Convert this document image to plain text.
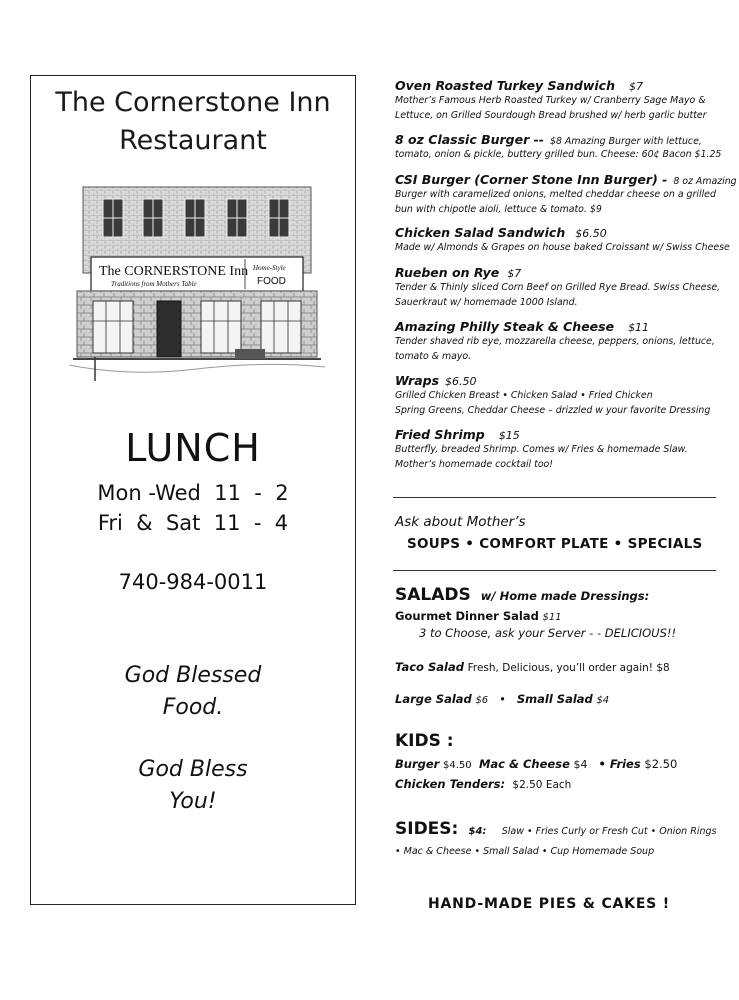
The Cornerstone Inn
Restaurant
The CORNERSTONE Inn
Traditions from Mothers Table
Home-Style
FOOD
LUNCH
Mon -Wed  11  -  2
Fri  &  Sat  11  -  4
740-984-0011
God Blessed
Food.
God Bless
You!
Oven Roasted Turkey Sandwich $7
Mother’s Famous Herb Roasted Turkey w/ Cranberry Sage Mayo &
Lettuce, on Grilled Sourdough Bread brushed w/ herb garlic butter
8 oz Classic Burger -- $8 Amazing Burger with lettuce,
tomato, onion & pickle, buttery grilled bun. Cheese: 60¢ Bacon $1.25
CSI Burger (Corner Stone Inn Burger) - 8 oz Amazing
Burger with caramelized onions, melted cheddar cheese on a grilled
bun with chipotle aioli, lettuce & tomato. $9
Chicken Salad Sandwich $6.50
Made w/ Almonds & Grapes on house baked Croissant w/ Swiss Cheese
Rueben on Rye $7
Tender & Thinly sliced Corn Beef on Grilled Rye Bread. Swiss Cheese,
Sauerkraut w/ homemade 1000 Island.
Amazing Philly Steak & Cheese $11
Tender shaved rib eye, mozzarella cheese, peppers, onions, lettuce,
tomato & mayo.
Wraps $6.50
Grilled Chicken Breast • Chicken Salad • Fried Chicken
Spring Greens, Cheddar Cheese – drizzled w your favorite Dressing
Fried Shrimp $15
Butterfly, breaded Shrimp. Comes w/ Fries & homemade Slaw.
Mother’s homemade cocktail too!
Ask about Mother’s
SOUPS • COMFORT PLATE • SPECIALS
SALADS w/ Home made Dressings:
Gourmet Dinner Salad $11
3 to Choose, ask your Server - - DELICIOUS!!
Taco Salad Fresh, Delicious, you’ll order again! $8
Large Salad $6   •   Small Salad $4
KIDS :
Burger $4.50 Mac & Cheese $4 • Fries $2.50
Chicken Tenders: $2.50 Each
SIDES: $4: Slaw • Fries Curly or Fresh Cut • Onion Rings
• Mac & Cheese • Small Salad • Cup Homemade Soup
HAND-MADE PIES & CAKES !
